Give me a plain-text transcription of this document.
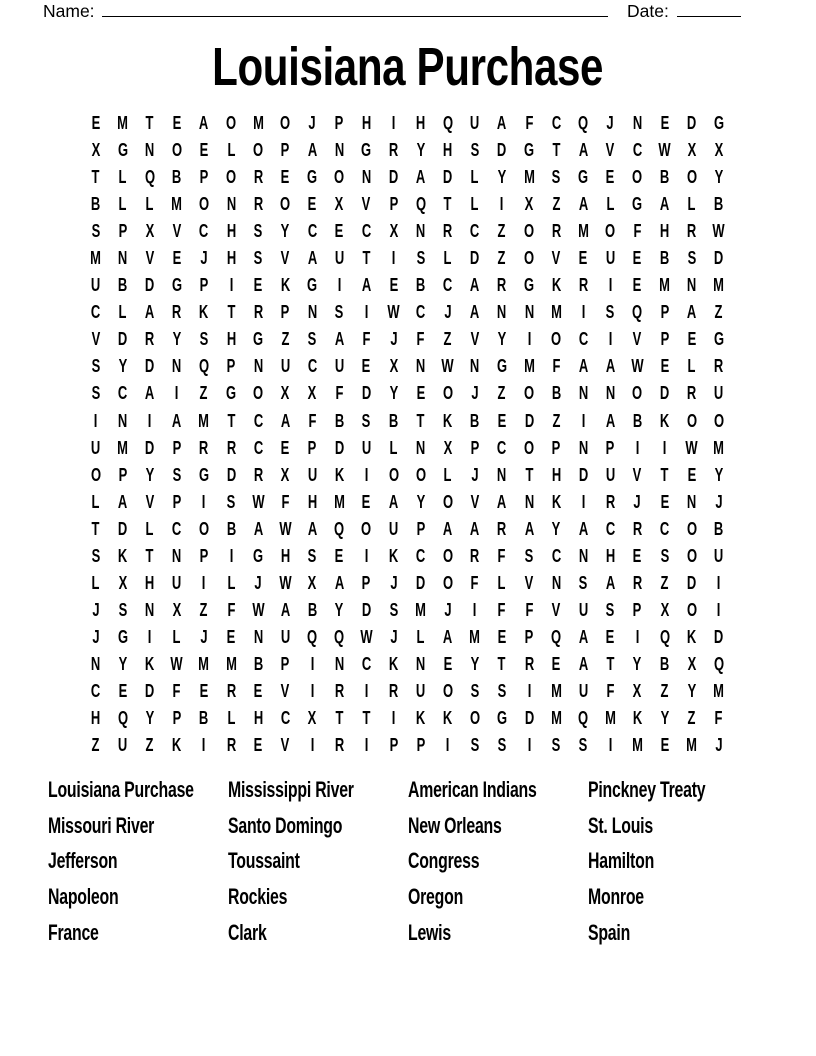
Name:	Date:
Louisiana Purchase
E M T E A O M O J P H I H Q U A F C Q J N E D G
X G N O E L O P A N G R Y H S D G T A V C W X X
T L Q B P O R E G O N D A D L Y M S G E O B O Y
B L L M O N R O E X V P Q T L I X Z A L G A L B
S P X V C H S Y C E C X N R C Z O R M O F H R W
M N V E J H S V A U T I S L D Z O V E U E B S D
U B D G P I E K G I A E B C A R G K R I E M N M
C L A R K T R P N S I W C J A N N M I S Q P A Z
V D R Y S H G Z S A F J F Z V Y I O C I V P E G
S Y D N Q P N U C U E X N W N G M F A A W E L R
S C A I Z G O X X F D Y E O J Z O B N N O D R U
I N I A M T C A F B S B T K B E D Z I A B K O O
U M D P R R C E P D U L N X P C O P N P I I W M
O P Y S G D R X U K I O O L J N T H D U V T E Y
L A V P I S W F H M E A Y O V A N K I R J E N J
T D L C O B A W A Q O U P A A R A Y A C R C O B
S K T N P I G H S E I K C O R F S C N H E S O U
L X H U I L J W X A P J D O F L V N S A R Z D I
J S N X Z F W A B Y D S M J I F F V U S P X O I
J G I L J E N U Q Q W J L A M E P Q A E I Q K D
N Y K W M M B P I N C K N E Y T R E A T Y B X Q
C E D F E R E V I R I R U O S S I M U F X Z Y M
H Q Y P B L H C X T T I K K O G D M Q M K Y Z F
Z U Z K I R E V I R I P P I S S I S S I M E M J
Louisiana Purchase
Missouri River
Jefferson
Napoleon
France
Mississippi River
Santo Domingo
Toussaint
Rockies
Clark
American Indians
New Orleans
Congress
Oregon
Lewis
Pinckney Treaty
St. Louis
Hamilton
Monroe
Spain
